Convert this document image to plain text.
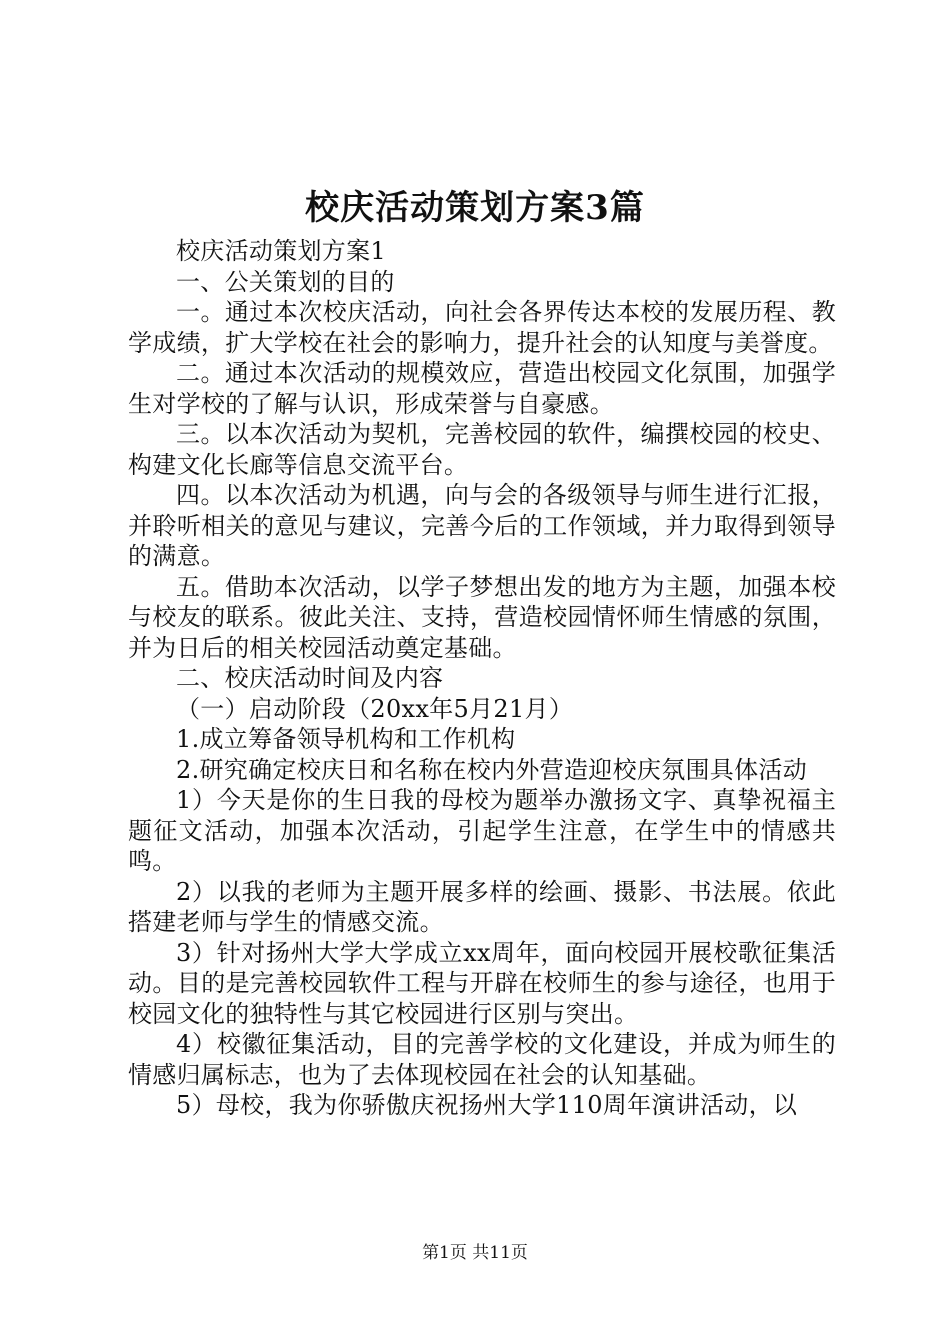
校庆活动策划方案3篇

校庆活动策划方案1

一、公关策划的目的

一。通过本次校庆活动，向社会各界传达本校的发展历程、教学成绩，扩大学校在社会的影响力，提升社会的认知度与美誉度。

二。通过本次活动的规模效应，营造出校园文化氛围，加强学生对学校的了解与认识，形成荣誉与自豪感。

三。以本次活动为契机，完善校园的软件，编撰校园的校史、构建文化长廊等信息交流平台。

四。以本次活动为机遇，向与会的各级领导与师生进行汇报，并聆听相关的意见与建议，完善今后的工作领域，并力取得到领导的满意。

五。借助本次活动，以学子梦想出发的地方为主题，加强本校与校友的联系。彼此关注、支持，营造校园情怀师生情感的氛围，并为日后的相关校园活动奠定基础。

二、校庆活动时间及内容

（一）启动阶段（20xx年5月21月）

1.成立筹备领导机构和工作机构

2.研究确定校庆日和名称在校内外营造迎校庆氛围具体活动

1）今天是你的生日我的母校为题举办激扬文字、真挚祝福主题征文活动，加强本次活动，引起学生注意，在学生中的情感共鸣。

2）以我的老师为主题开展多样的绘画、摄影、书法展。依此搭建老师与学生的情感交流。

3）针对扬州大学大学成立xx周年，面向校园开展校歌征集活动。目的是完善校园软件工程与开辟在校师生的参与途径，也用于校园文化的独特性与其它校园进行区别与突出。

4）校徽征集活动，目的完善学校的文化建设，并成为师生的情感归属标志，也为了去体现校园在社会的认知基础。

5）母校，我为你骄傲庆祝扬州大学110周年演讲活动，以

第1页 共11页
